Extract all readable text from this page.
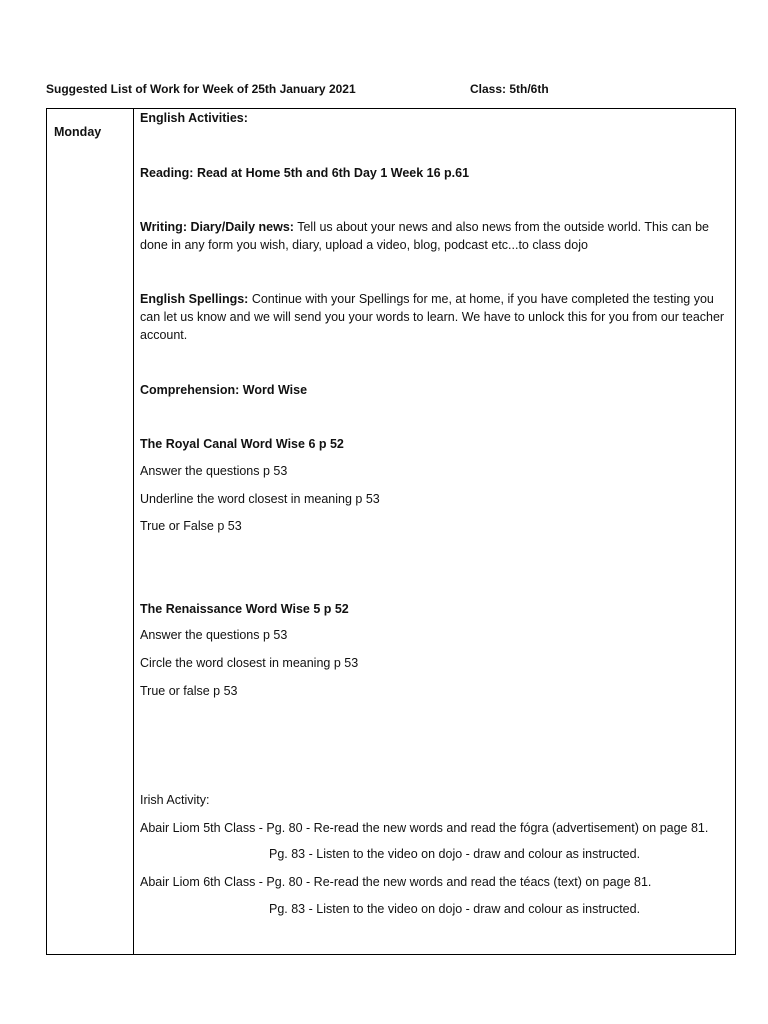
Suggested List of Work for Week of 25th January 2021	Class: 5th/6th
Monday
English Activities:
Reading: Read at Home 5th and 6th Day 1 Week 16 p.61
Writing: Diary/Daily news: Tell us about your news and also news from the outside world. This can be done in any form you wish, diary, upload a video, blog, podcast etc...to class dojo
English Spellings: Continue with your Spellings for me, at home, if you have completed the testing you can let us know and we will send you your words to learn. We have to unlock this for you from our teacher account.
Comprehension: Word Wise
The Royal Canal Word Wise 6 p 52
Answer the questions p 53
Underline the word closest in meaning p 53
True or False p 53
The Renaissance Word Wise 5 p 52
Answer the questions p 53
Circle the word closest in meaning p 53
True or false p 53
Irish Activity:
Abair Liom 5th Class - Pg. 80 - Re-read the new words and read the fógra (advertisement) on page 81.
Pg. 83 - Listen to the video on dojo - draw and colour as instructed.
Abair Liom 6th Class - Pg. 80 - Re-read the new words and read the téacs (text) on page 81.
Pg. 83 - Listen to the video on dojo - draw and colour as instructed.
